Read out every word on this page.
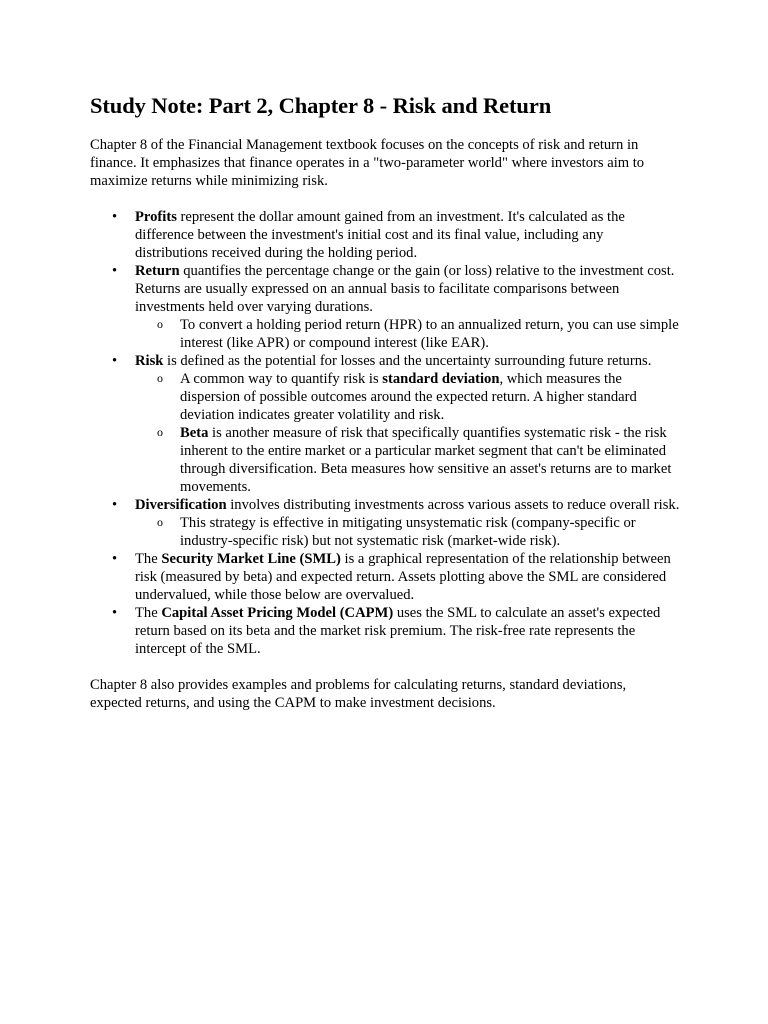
Study Note: Part 2, Chapter 8 - Risk and Return

Chapter 8 of the Financial Management textbook focuses on the concepts of risk and return in finance. It emphasizes that finance operates in a "two-parameter world" where investors aim to maximize returns while minimizing risk.

• Profits represent the dollar amount gained from an investment. It's calculated as the difference between the investment's initial cost and its final value, including any distributions received during the holding period.
• Return quantifies the percentage change or the gain (or loss) relative to the investment cost. Returns are usually expressed on an annual basis to facilitate comparisons between investments held over varying durations.
o To convert a holding period return (HPR) to an annualized return, you can use simple interest (like APR) or compound interest (like EAR).
• Risk is defined as the potential for losses and the uncertainty surrounding future returns.
o A common way to quantify risk is standard deviation, which measures the dispersion of possible outcomes around the expected return. A higher standard deviation indicates greater volatility and risk.
o Beta is another measure of risk that specifically quantifies systematic risk - the risk inherent to the entire market or a particular market segment that can't be eliminated through diversification. Beta measures how sensitive an asset's returns are to market movements.
• Diversification involves distributing investments across various assets to reduce overall risk.
o This strategy is effective in mitigating unsystematic risk (company-specific or industry-specific risk) but not systematic risk (market-wide risk).
• The Security Market Line (SML) is a graphical representation of the relationship between risk (measured by beta) and expected return. Assets plotting above the SML are considered undervalued, while those below are overvalued.
• The Capital Asset Pricing Model (CAPM) uses the SML to calculate an asset's expected return based on its beta and the market risk premium. The risk-free rate represents the intercept of the SML.

Chapter 8 also provides examples and problems for calculating returns, standard deviations, expected returns, and using the CAPM to make investment decisions.
